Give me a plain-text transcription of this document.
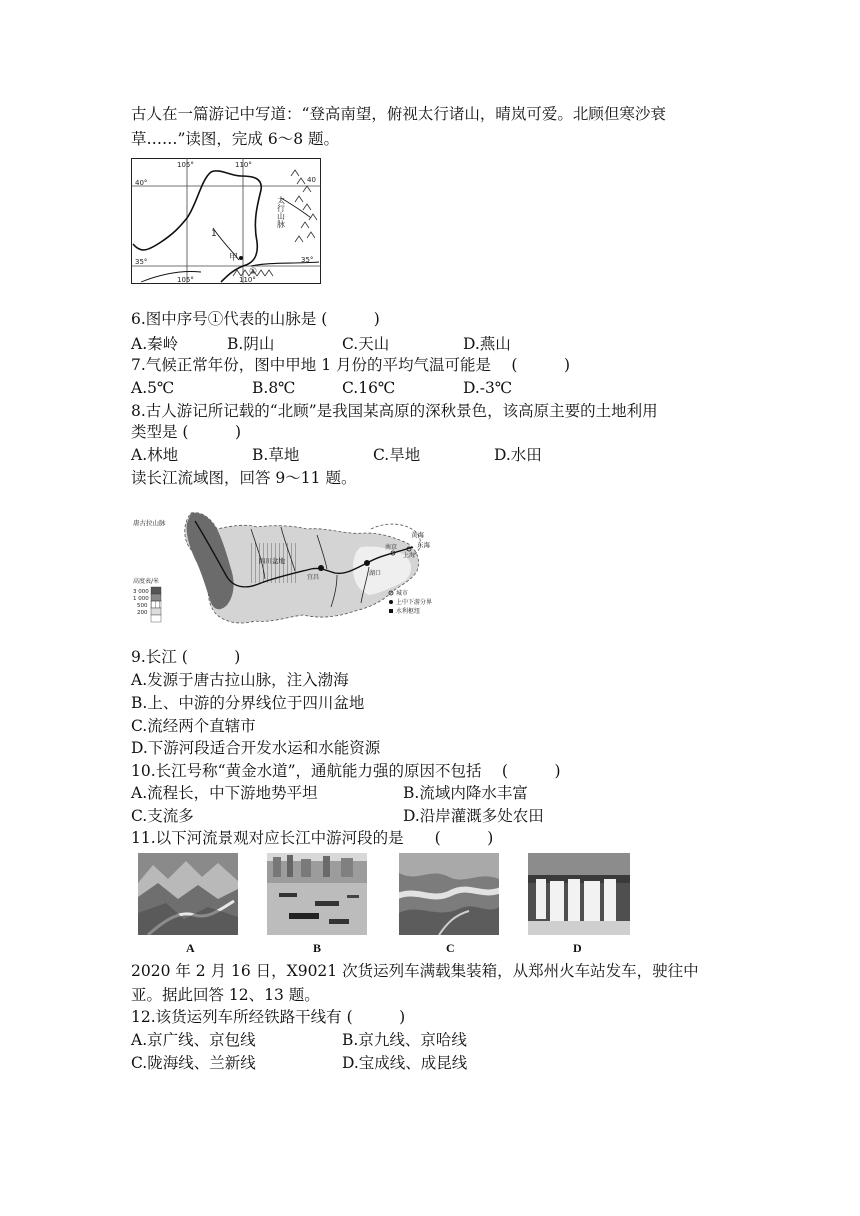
古人在一篇游记中写道：“登高南望，俯视太行诸山，晴岚可爱。北顾但寒沙衰
草……”读图，完成 6～8 题。
105°	110°
40°	40
35°	35°
105°	110°
1
甲
①
太行山脉
6.图中序号①代表的山脉是 (　　　)
A.秦岭	B.阴山	C.天山	D.燕山
7.气候正常年份，图中甲地 1 月份的平均气温可能是　 (　　　)
A.5℃	B.8℃	C.16℃	D.-3℃
8.古人游记所记载的“北顾”是我国某高原的深秋景色，该高原主要的土地利用
类型是 (　　　)
A.林地	B.草地	C.旱地	D.水田
读长江流域图，回答 9～11 题。
唐古拉山脉
四川盆地
黄海
东海
南京
上海
宜昌
湖口
高度表/米
3 000
1 000
500
200
城市
上中下游分界
水利枢纽
9.长江 (　　　)
A.发源于唐古拉山脉，注入渤海
B.上、中游的分界线位于四川盆地
C.流经两个直辖市
D.下游河段适合开发水运和水能资源
10.长江号称“黄金水道”，通航能力强的原因不包括　 (　　　)
A.流程长，中下游地势平坦	B.流域内降水丰富
C.支流多	D.沿岸灌溉多处农田
11.以下河流景观对应长江中游河段的是　　(　　　)
A	B	C	D
2020 年 2 月 16 日，X9021 次货运列车满载集装箱，从郑州火车站发车，驶往中
亚。据此回答 12、13 题。
12.该货运列车所经铁路干线有 (　　　)
A.京广线、京包线	B.京九线、京哈线
C.陇海线、兰新线	D.宝成线、成昆线
